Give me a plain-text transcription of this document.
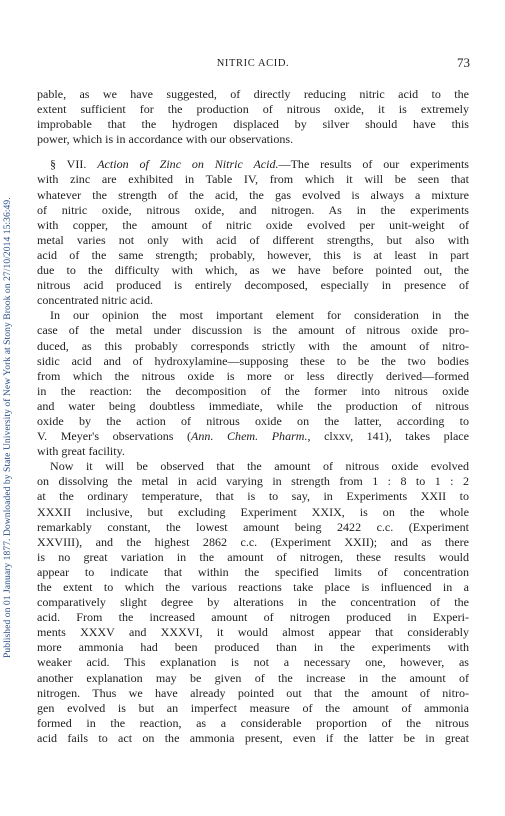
Published on 01 January 1877. Downloaded by State University of New York at Stony Brook on 27/10/2014 15:36:49.
NITRIC ACID.	73
pable, as we have suggested, of directly reducing nitric acid to the
extent sufficient for the production of nitrous oxide, it is extremely
improbable that the hydrogen displaced by silver should have this
power, which is in accordance with our observations.
§ VII. Action of Zinc on Nitric Acid.—The results of our experiments
with zinc are exhibited in Table IV, from which it will be seen that
whatever the strength of the acid, the gas evolved is always a mixture
of nitric oxide, nitrous oxide, and nitrogen. As in the experiments
with copper, the amount of nitric oxide evolved per unit-weight of
metal varies not only with acid of different strengths, but also with
acid of the same strength; probably, however, this is at least in part
due to the difficulty with which, as we have before pointed out, the
nitrous acid produced is entirely decomposed, especially in presence of
concentrated nitric acid.
In our opinion the most important element for consideration in the
case of the metal under discussion is the amount of nitrous oxide pro-
duced, as this probably corresponds strictly with the amount of nitro-
sidic acid and of hydroxylamine—supposing these to be the two bodies
from which the nitrous oxide is more or less directly derived—formed
in the reaction: the decomposition of the former into nitrous oxide
and water being doubtless immediate, while the production of nitrous
oxide by the action of nitrous oxide on the latter, according to
V. Meyer's observations (Ann. Chem. Pharm., clxxv, 141), takes place
with great facility.
Now it will be observed that the amount of nitrous oxide evolved
on dissolving the metal in acid varying in strength from 1 : 8 to 1 : 2
at the ordinary temperature, that is to say, in Experiments XXII to
XXXII inclusive, but excluding Experiment XXIX, is on the whole
remarkably constant, the lowest amount being 2422 c.c. (Experiment
XXVIII), and the highest 2862 c.c. (Experiment XXII); and as there
is no great variation in the amount of nitrogen, these results would
appear to indicate that within the specified limits of concentration
the extent to which the various reactions take place is influenced in a
comparatively slight degree by alterations in the concentration of the
acid. From the increased amount of nitrogen produced in Experi-
ments XXXV and XXXVI, it would almost appear that considerably
more ammonia had been produced than in the experiments with
weaker acid. This explanation is not a necessary one, however, as
another explanation may be given of the increase in the amount of
nitrogen. Thus we have already pointed out that the amount of nitro-
gen evolved is but an imperfect measure of the amount of ammonia
formed in the reaction, as a considerable proportion of the nitrous
acid fails to act on the ammonia present, even if the latter be in great
